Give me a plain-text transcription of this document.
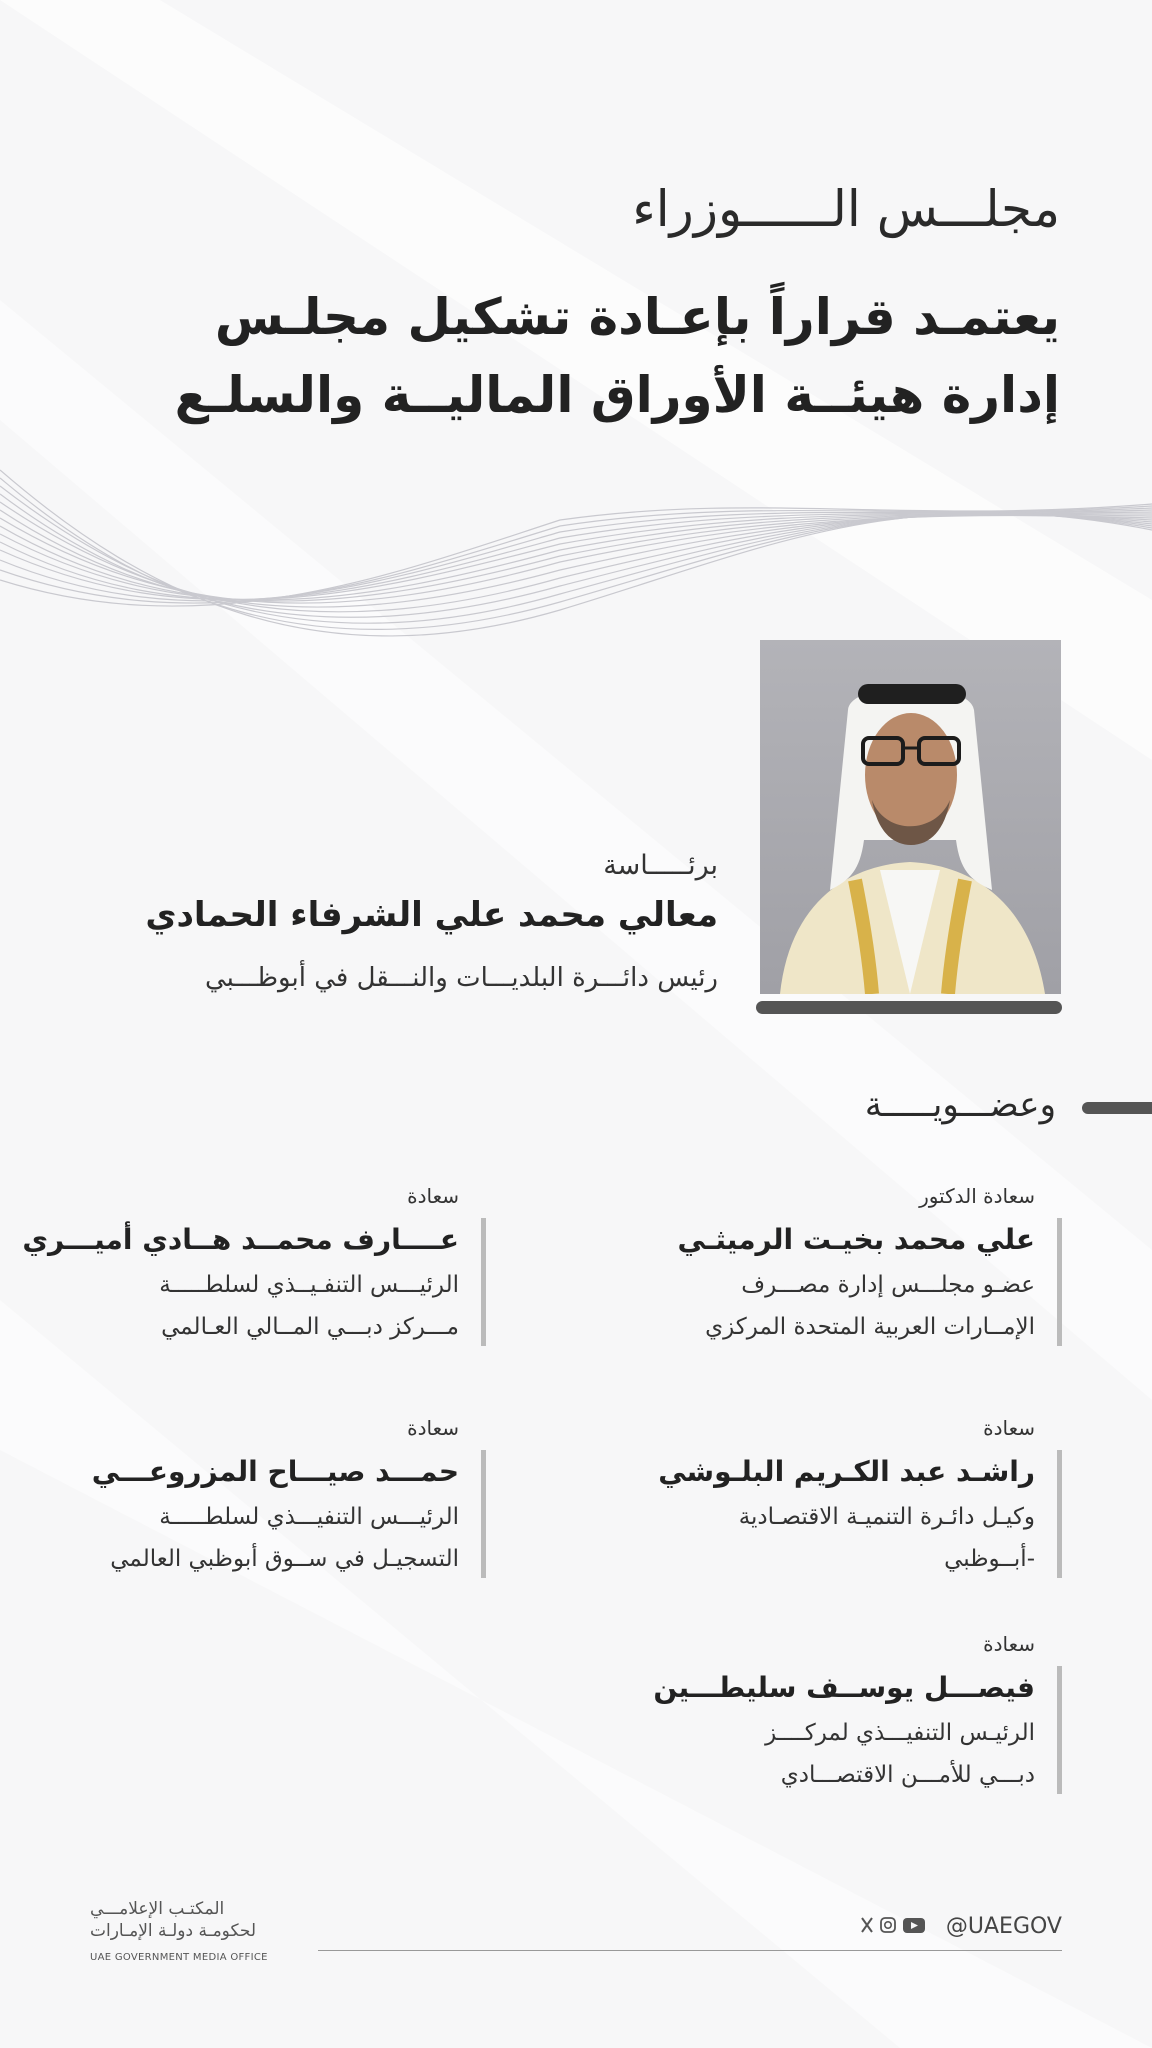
مجلـــس الــــــوزراء
يعتمـد قراراً بإعـادة تشكيل مجلـس
إدارة هيئــة الأوراق الماليــة والسلـع
برئـــــاسة
معالي محمد علي الشرفاء الحمادي
رئيس دائـــرة البلديـــات والنـــقل في أبوظـــبي
وعضـــويـــــة
سعادة الدكتور
علي محمد بخيـت الرميثـي
عضـو مجلـــس إدارة مصـــرف
الإمــارات العربية المتحدة المركزي
سعادة
عــــارف محمــد هــادي أميـــري
الرئيـــس التنفـيــذي لسلطـــــة
مـــركز دبـــي المــالي العـالمي
سعادة
راشـد عبد الكـريم البلـوشي
وكيـل دائـرة التنميـة الاقتصـادية
-أبــوظبي
سعادة
حمـــد صيـــاح المزروعـــي
الرئيـــس التنفيـــذي لسلطـــــة
التسجيـل في ســوق أبوظبي العالمي
سعادة
فيصـــل يوســف سليطـــين
الرئيـس التنفيـــذي لمركــــز
دبـــي للأمـــن الاقتصـــادي
@UAEGOV
المكتـب الإعلامـــي
لحكومـة دولـة الإمـارات
UAE GOVERNMENT MEDIA OFFICE
